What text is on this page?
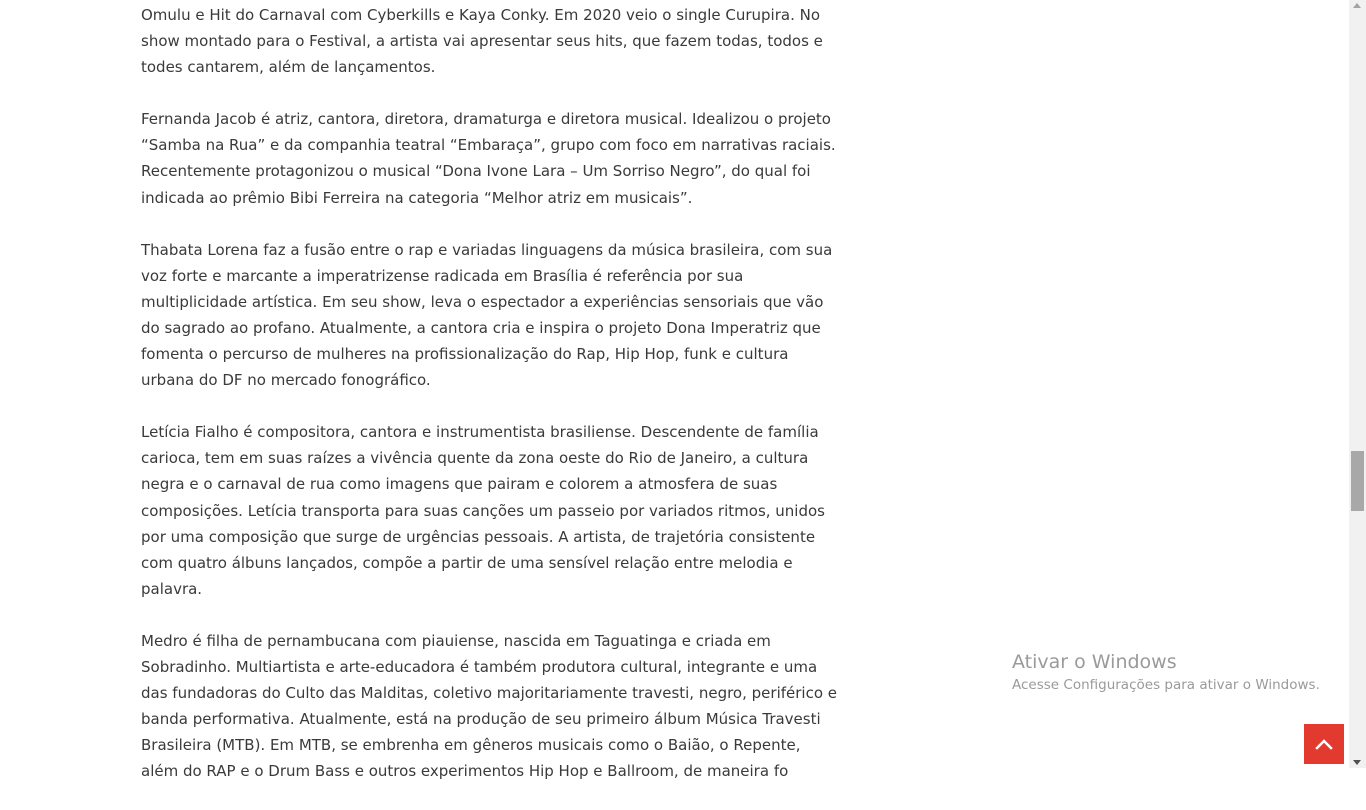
Omulu e Hit do Carnaval com Cyberkills e Kaya Conky. Em 2020 veio o single Curupira. No show montado para o Festival, a artista vai apresentar seus hits, que fazem todas, todos e todes cantarem, além de lançamentos.

Fernanda Jacob é atriz, cantora, diretora, dramaturga e diretora musical. Idealizou o projeto “Samba na Rua” e da companhia teatral “Embaraça”, grupo com foco em narrativas raciais. Recentemente protagonizou o musical “Dona Ivone Lara – Um Sorriso Negro”, do qual foi indicada ao prêmio Bibi Ferreira na categoria “Melhor atriz em musicais”.

Thabata Lorena faz a fusão entre o rap e variadas linguagens da música brasileira, com sua voz forte e marcante a imperatrizense radicada em Brasília é referência por sua multiplicidade artística. Em seu show, leva o espectador a experiências sensoriais que vão do sagrado ao profano. Atualmente, a cantora cria e inspira o projeto Dona Imperatriz que fomenta o percurso de mulheres na profissionalização do Rap, Hip Hop, funk e cultura urbana do DF no mercado fonográfico.

Letícia Fialho é compositora, cantora e instrumentista brasiliense. Descendente de família carioca, tem em suas raízes a vivência quente da zona oeste do Rio de Janeiro, a cultura negra e o carnaval de rua como imagens que pairam e colorem a atmosfera de suas composições. Letícia transporta para suas canções um passeio por variados ritmos, unidos por uma composição que surge de urgências pessoais. A artista, de trajetória consistente com quatro álbuns lançados, compõe a partir de uma sensível relação entre melodia e palavra.

Medro é filha de pernambucana com piauiense, nascida em Taguatinga e criada em Sobradinho. Multiartista e arte-educadora é também produtora cultural, integrante e uma das fundadoras do Culto das Malditas, coletivo majoritariamente travesti, negro, periférico e banda performativa. Atualmente, está na produção de seu primeiro álbum Música Travesti Brasileira (MTB). Em MTB, se embrenha em gêneros musicais como o Baião, o Repente, além do RAP e o Drum Bass e outros experimentos Hip Hop e Ballroom, de maneira fo

Ativar o Windows
Acesse Configurações para ativar o Windows.
